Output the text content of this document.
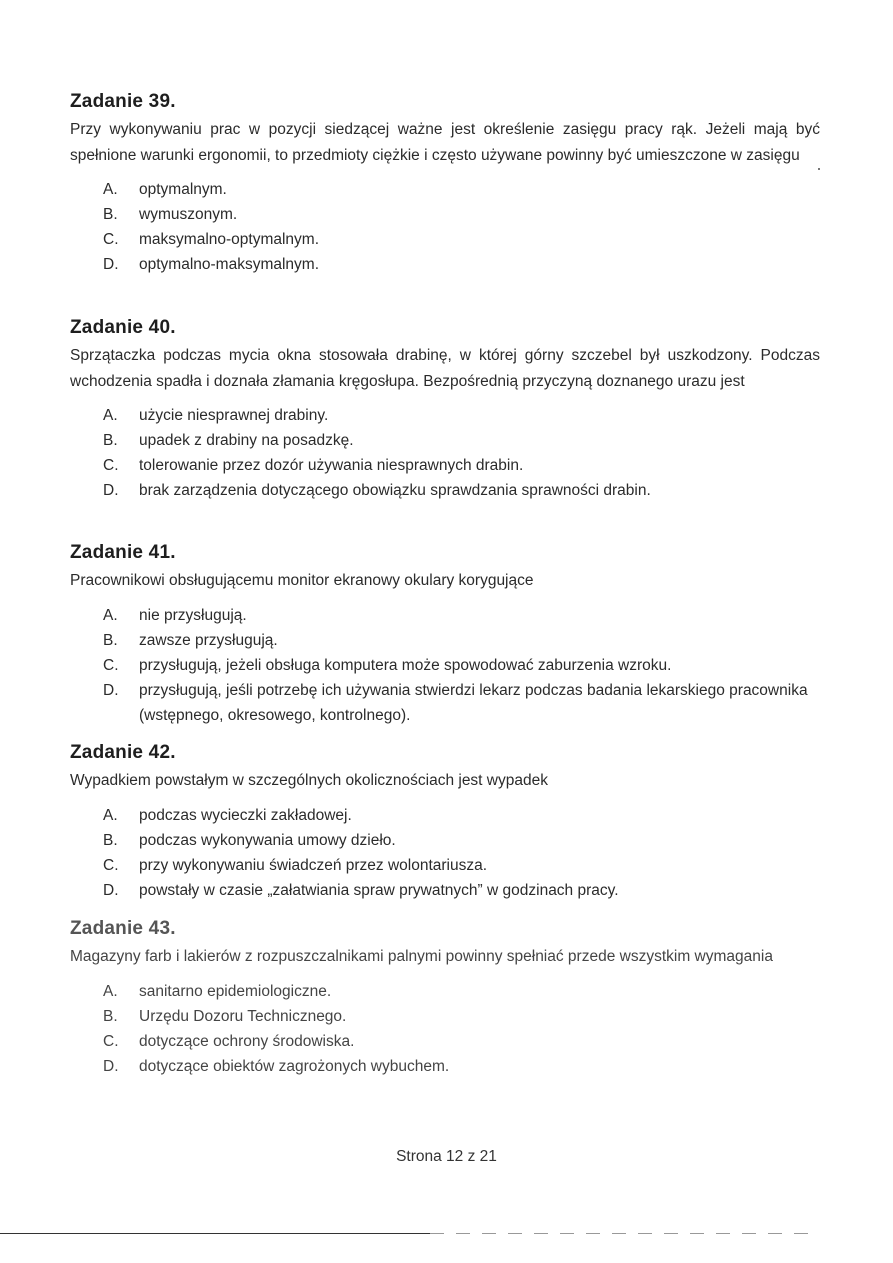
Zadanie 39.

Przy wykonywaniu prac w pozycji siedzącej ważne jest określenie zasięgu pracy rąk. Jeżeli mają być spełnione warunki ergonomii, to przedmioty ciężkie i często używane powinny być umieszczone w zasięgu

A.	optymalnym.
B.	wymuszonym.
C.	maksymalno-optymalnym.
D.	optymalno-maksymalnym.
Zadanie 40.

Sprzątaczka podczas mycia okna stosowała drabinę, w której górny szczebel był uszkodzony. Podczas wchodzenia spadła i doznała złamania kręgosłupa. Bezpośrednią przyczyną doznanego urazu jest

A.	użycie niesprawnej drabiny.
B.	upadek z drabiny na posadzkę.
C.	tolerowanie przez dozór używania niesprawnych drabin.
D.	brak zarządzenia dotyczącego obowiązku sprawdzania sprawności drabin.
Zadanie 41.

Pracownikowi obsługującemu monitor ekranowy okulary korygujące

A.	nie przysługują.
B.	zawsze przysługują.
C.	przysługują, jeżeli obsługa komputera może spowodować zaburzenia wzroku.
D.	przysługują, jeśli potrzebę ich używania stwierdzi lekarz podczas badania lekarskiego pracownika (wstępnego, okresowego, kontrolnego).
Zadanie 42.

Wypadkiem powstałym w szczególnych okolicznościach jest wypadek

A.	podczas wycieczki zakładowej.
B.	podczas wykonywania umowy dzieło.
C.	przy wykonywaniu świadczeń przez wolontariusza.
D.	powstały w czasie „załatwiania spraw prywatnych” w godzinach pracy.
Zadanie 43.

Magazyny farb i lakierów z rozpuszczalnikami palnymi powinny spełniać przede wszystkim wymagania

A.	sanitarno epidemiologiczne.
B.	Urzędu Dozoru Technicznego.
C.	dotyczące ochrony środowiska.
D.	dotyczące obiektów zagrożonych wybuchem.
Strona 12 z 21
